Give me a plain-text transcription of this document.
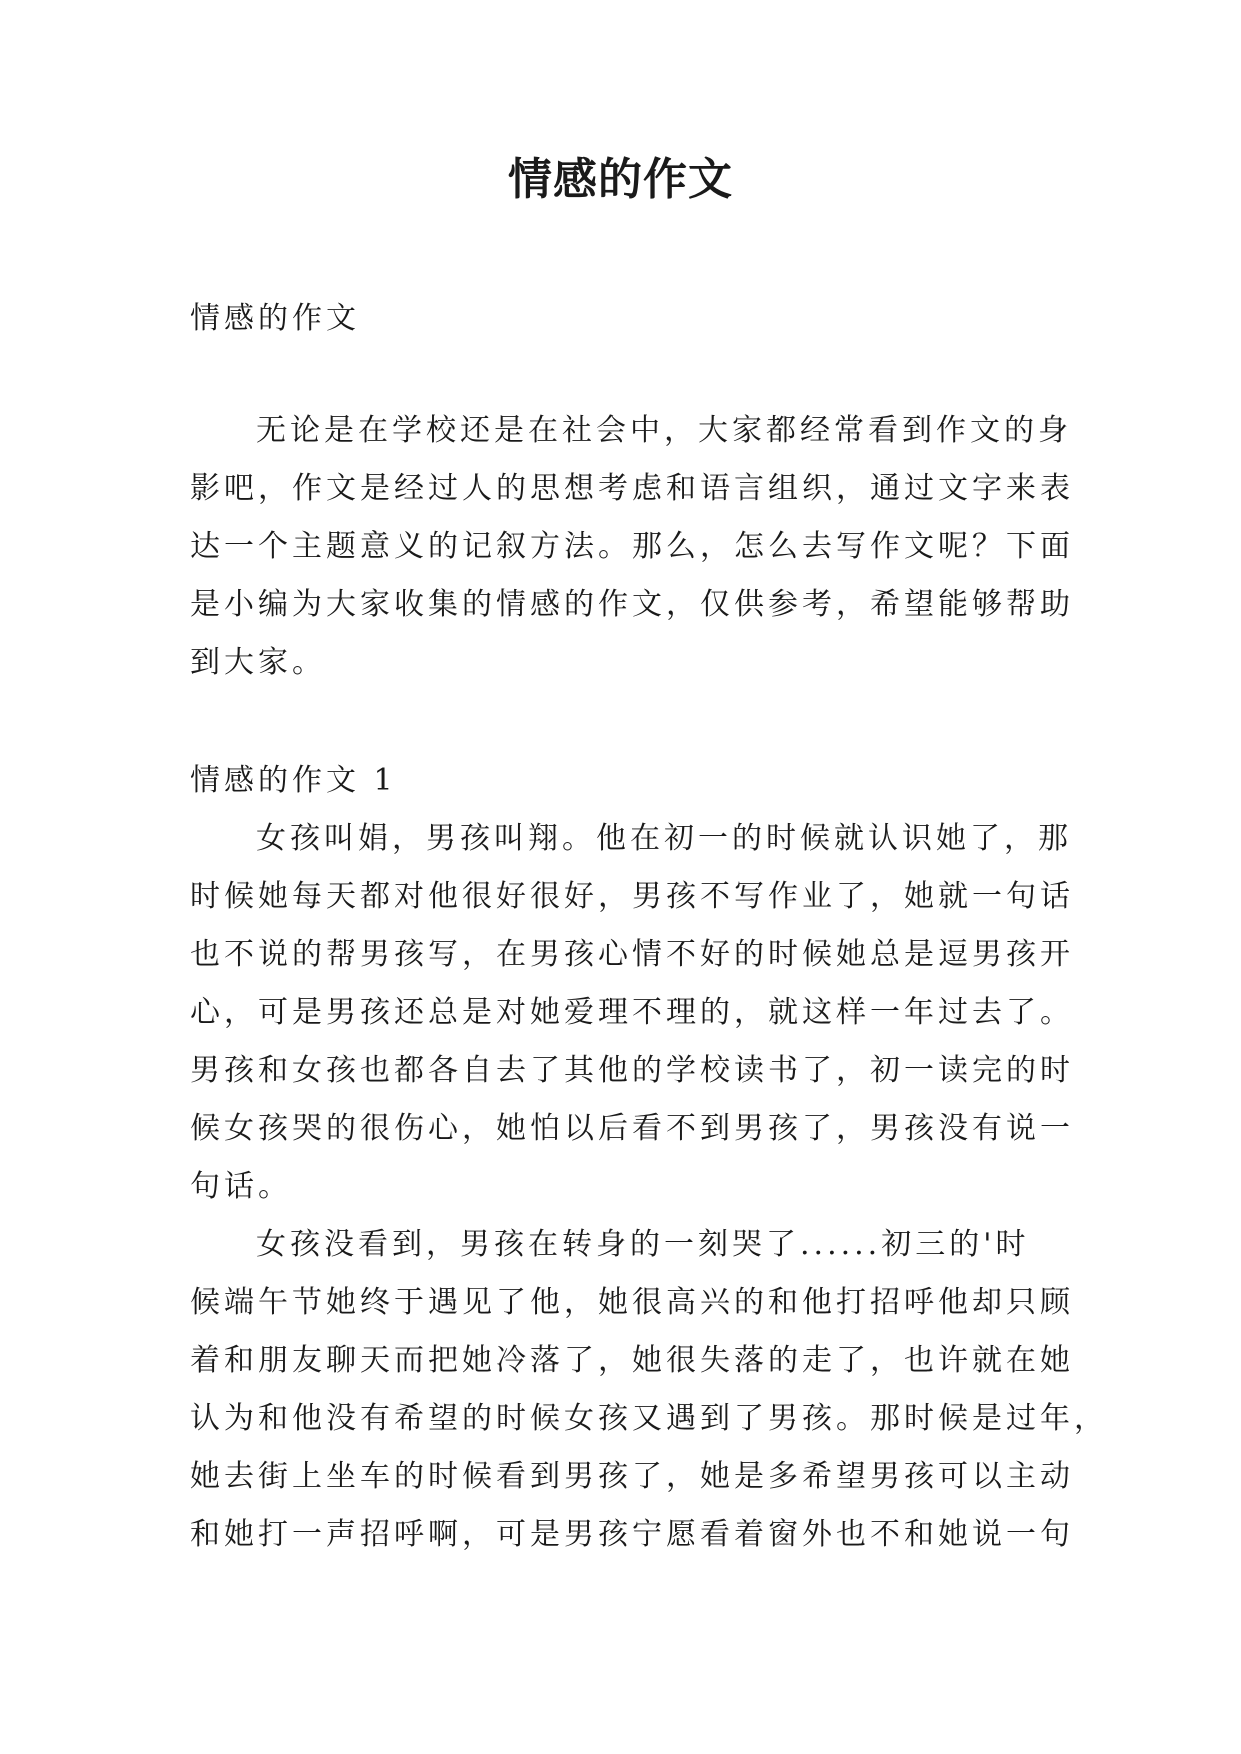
情感的作文
情感的作文
无论是在学校还是在社会中，大家都经常看到作文的身
影吧，作文是经过人的思想考虑和语言组织，通过文字来表
达一个主题意义的记叙方法。那么，怎么去写作文呢？下面
是小编为大家收集的情感的作文，仅供参考，希望能够帮助
到大家。
情感的作文 1
女孩叫娟，男孩叫翔。他在初一的时候就认识她了，那
时候她每天都对他很好很好，男孩不写作业了，她就一句话
也不说的帮男孩写，在男孩心情不好的时候她总是逗男孩开
心，可是男孩还总是对她爱理不理的，就这样一年过去了。
男孩和女孩也都各自去了其他的学校读书了，初一读完的时
候女孩哭的很伤心，她怕以后看不到男孩了，男孩没有说一
句话。
女孩没看到，男孩在转身的一刻哭了......初三的'时
候端午节她终于遇见了他，她很高兴的和他打招呼他却只顾
着和朋友聊天而把她冷落了，她很失落的走了，也许就在她
认为和他没有希望的时候女孩又遇到了男孩。那时候是过年，
她去街上坐车的时候看到男孩了，她是多希望男孩可以主动
和她打一声招呼啊，可是男孩宁愿看着窗外也不和她说一句
